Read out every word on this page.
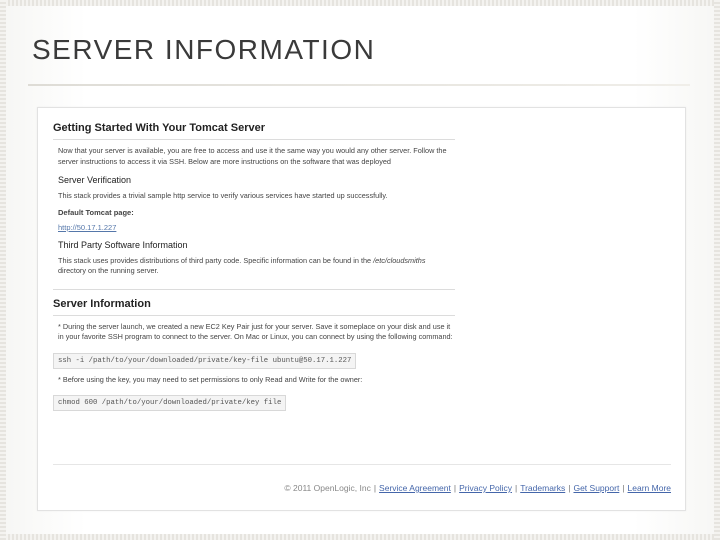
SERVER INFORMATION
Getting Started With Your Tomcat Server
Now that your server is available, you are free to access and use it the same way you would any other server. Follow the server instructions to access it via SSH. Below are more instructions on the software that was deployed
Server Verification
This stack provides a trivial sample http service to verify various services have started up successfully.
Default Tomcat page:
http://50.17.1.227
Third Party Software Information
This stack uses provides distributions of third party code. Specific information can be found in the /etc/cloudsmiths directory on the running server.
Server Information
* During the server launch, we created a new EC2 Key Pair just for your server. Save it someplace on your disk and use it in your favorite SSH program to connect to the server. On Mac or Linux, you can connect by using the following command:
ssh -i /path/to/your/downloaded/private/key-file ubuntu@50.17.1.227
* Before using the key, you may need to set permissions to only Read and Write for the owner:
chmod 600 /path/to/your/downloaded/private/key file
© 2011 OpenLogic, Inc | Service Agreement | Privacy Policy | Trademarks | Get Support | Learn More
